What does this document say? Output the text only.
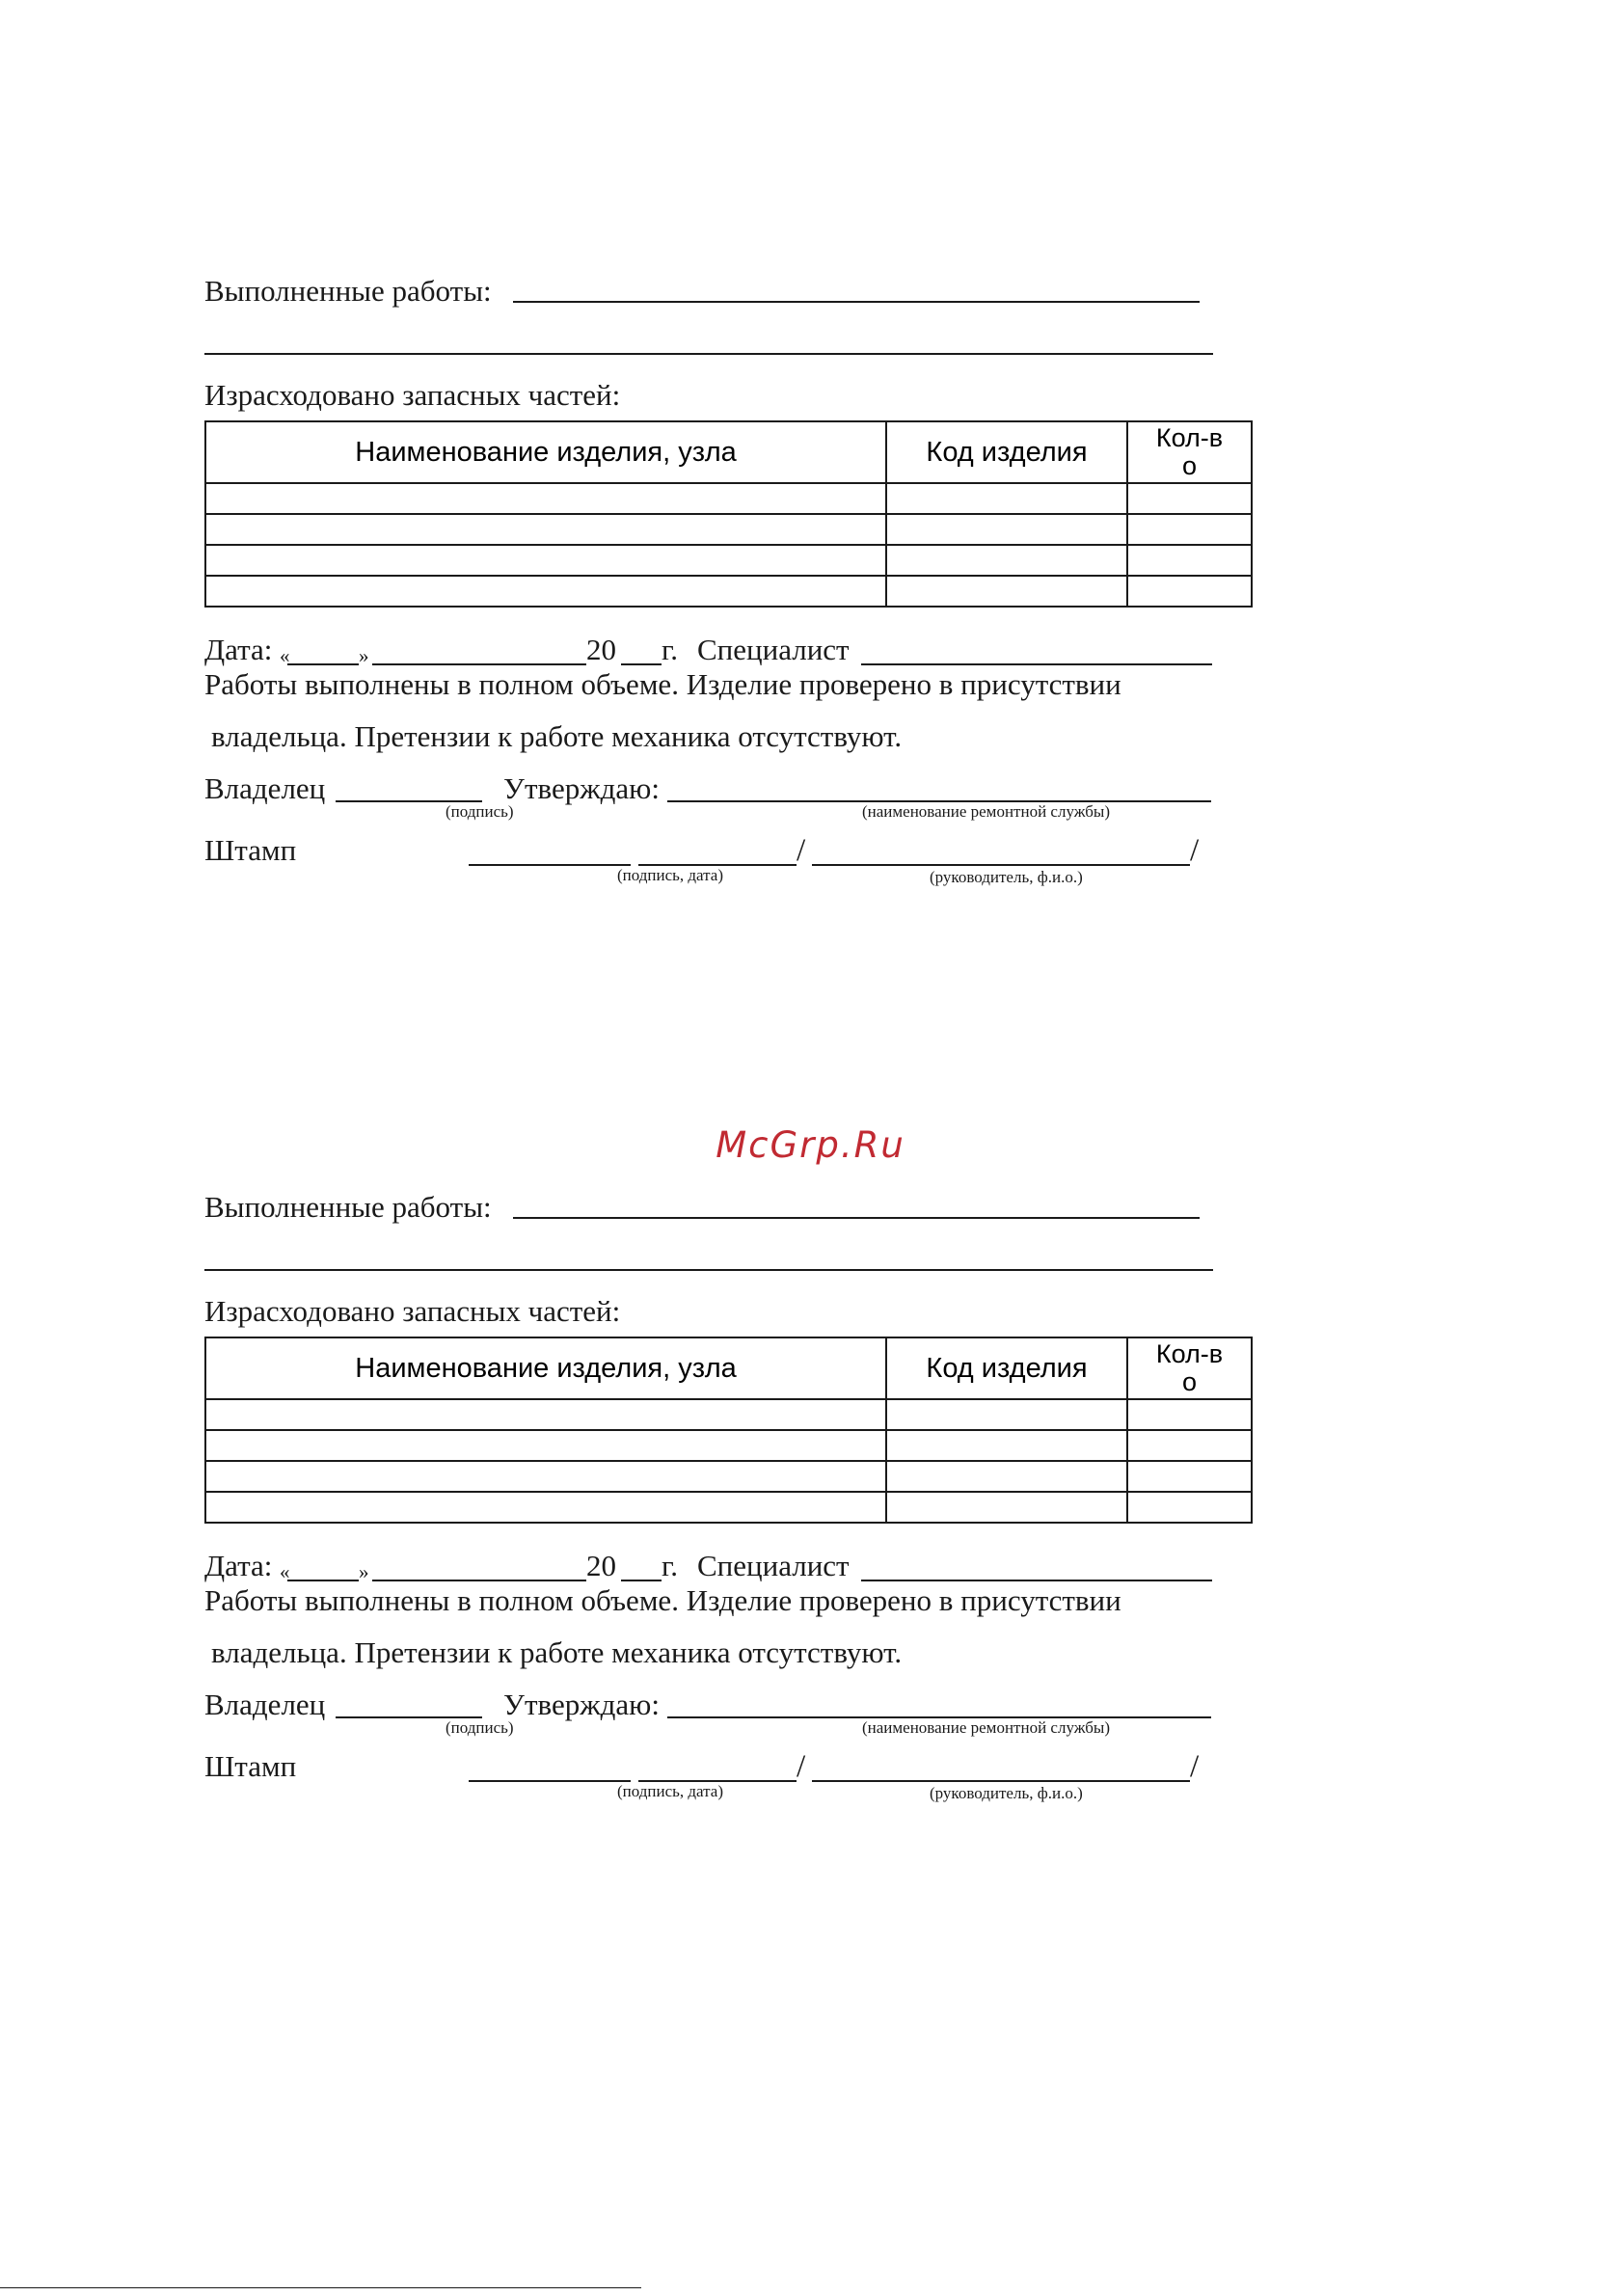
Выполненные работы:
Израсходовано запасных частей:
Наименование изделия, узла	Код изделия	Кол-во

Дата: «	»	20 г. Специалист
Работы выполнены в полном объеме. Изделие проверено в присутствии
владельца. Претензии к работе механика отсутствуют.
Владелец
(подпись)
Утверждаю:
(наименование ремонтной службы)
Штамп	/	/
(подпись, дата)	(руководитель, ф.и.о.)
Выполненные работы:
Израсходовано запасных частей:
Наименование изделия, узла	Код изделия	Кол-во

Дата: «	»	20 г. Специалист
Работы выполнены в полном объеме. Изделие проверено в присутствии
владельца. Претензии к работе механика отсутствуют.
Владелец
(подпись)
Утверждаю:
(наименование ремонтной службы)
Штамп	/	/
(подпись, дата)	(руководитель, ф.и.о.)
McGrp.Ru
